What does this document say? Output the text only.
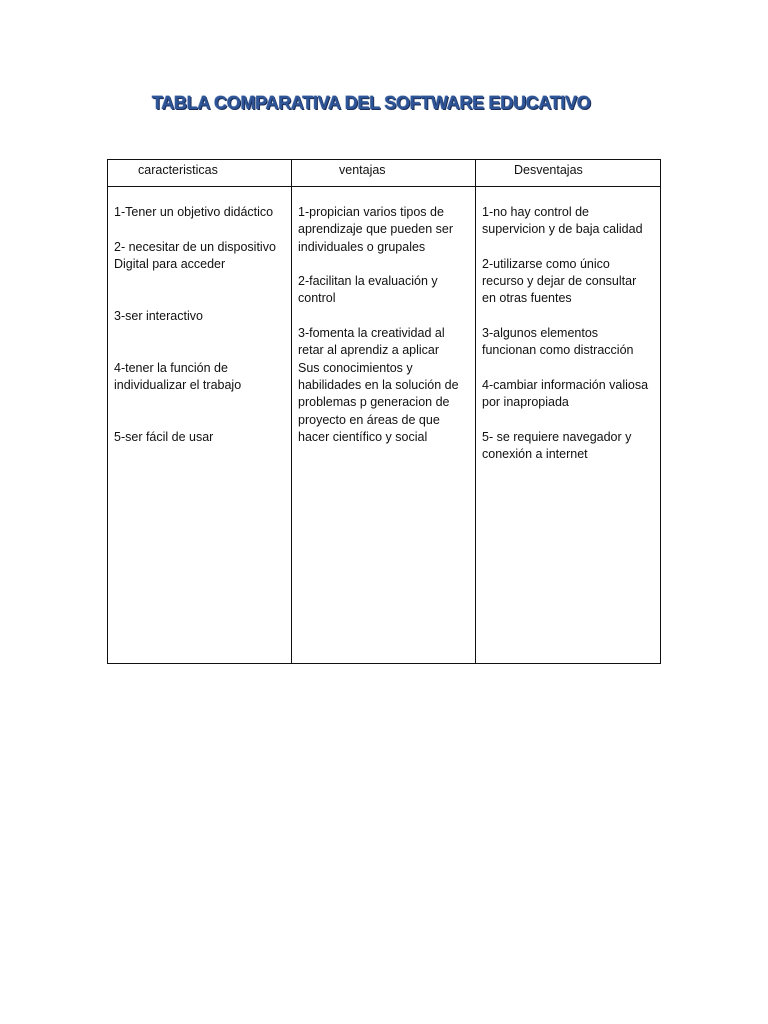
TABLA COMPARATIVA DEL SOFTWARE EDUCATIVO
caracteristicas	ventajas	Desventajas
1-Tener un objetivo didáctico
2- necesitar de un dispositivo
Digital para acceder
3-ser interactivo
4-tener la función de
individualizar el trabajo
5-ser fácil de usar
1-propician varios tipos de
aprendizaje que pueden ser
individuales o grupales
2-facilitan la evaluación y
control
3-fomenta la creatividad al
retar al aprendiz a aplicar
Sus conocimientos y
habilidades en la solución de
problemas p generacion de
proyecto en áreas de que
hacer científico y social
1-no hay control de
supervicion y de baja calidad
2-utilizarse como único
recurso y dejar de consultar
en otras fuentes
3-algunos elementos
funcionan como distracción
4-cambiar información valiosa
por inapropiada
5- se requiere navegador y
conexión a internet
